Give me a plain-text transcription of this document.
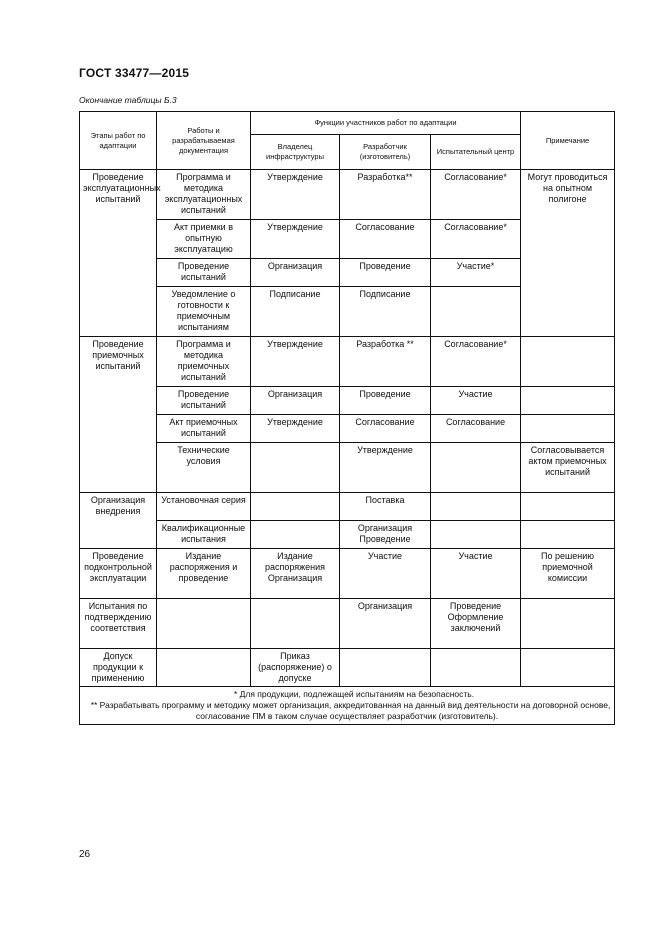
ГОСТ 33477—2015
Окончание таблицы Б.3
Этапы работ по адаптации	Работы и разрабатываемая документация	Функции участников работ по адаптации			Примечание
		Владелец инфраструктуры	Разработчик (изготовитель)	Испытательный центр	
Проведение эксплуатационных испытаний	Программа и методика эксплуатационных испытаний	Утверждение	Разработка**	Согласование*	Могут проводиться на опытном полигоне
	Акт приемки в опытную эксплуатацию	Утверждение	Согласование	Согласование*	
	Проведение испытаний	Организация	Проведение	Участие*	
	Уведомление о готовности к приемочным испытаниям	Подписание	Подписание		
Проведение приемочных испытаний	Программа и методика приемочных испытаний	Утверждение	Разработка **	Согласование*	
	Проведение испытаний	Организация	Проведение	Участие	
	Акт приемочных испытаний	Утверждение	Согласование	Согласование	
	Технические условия		Утверждение		Согласовывается актом приемочных испытаний
Организация внедрения	Установочная серия		Поставка		
	Квалификационные испытания		Организация Проведение		
Проведение подконтрольной эксплуатации	Издание распоряжения и проведение	Издание распоряжения Организация	Участие	Участие	По решению приемочной комиссии
Испытания по подтверждению соответствия			Организация	Проведение Оформление заключений	
Допуск продукции к применению		Приказ (распоряжение) о допуске			

* Для продукции, подлежащей испытаниям на безопасность.

** Разрабатывать программу и методику может организация, аккредитованная на данный вид деятельности на договорной основе, согласование ПМ в таком случае осуществляет разработчик (изготовитель).					

26
